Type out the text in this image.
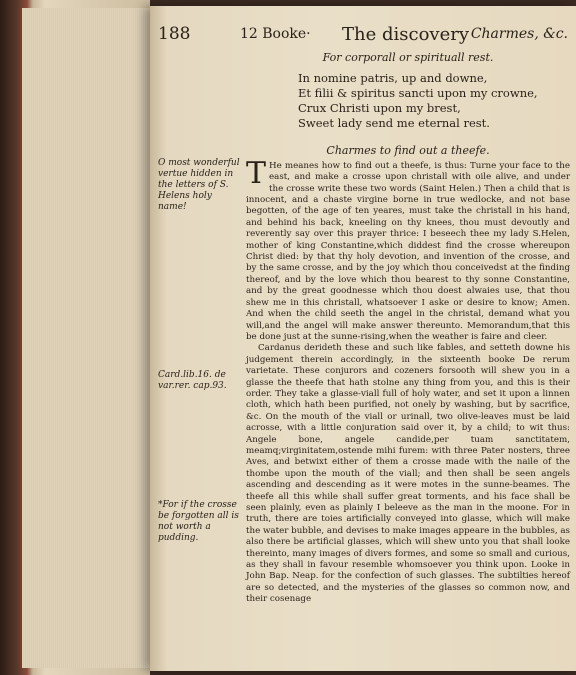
188	12 Booke· The discovery Charmes, &c.
O most wonderful vertue hidden in the letters of S. Helens holy name!
Card.lib.16. de var.rer. cap.93.
*For if the crosse be forgotten all is not worth a pudding.

For corporall or spirituall rest.

In nomine patris, up and downe,
Et filii & spiritus sancti upon my crowne,
Crux Christi upon my brest,
Sweet lady send me eternal rest.

Charmes to find out a theefe.

T He meanes how to find out a theefe, is thus: Turne your face to the east, and make a crosse upon christall with oile alive, and under the crosse write these two words (Saint Helen.) Then a child that is innocent, and a chaste virgine borne in true wedlocke, and not base begotten, of the age of ten yeares, must take the christall in his hand, and behind his back, kneeling on thy knees, thou must devoutly and reverently say over this prayer thrice: I beseech thee my lady S.Helen, mother of king Constantine,which diddest find the crosse whereupon Christ died: by that thy holy devotion, and invention of the crosse, and by the same crosse, and by the joy which thou conceivedst at the finding thereof, and by the love which thou bearest to thy sonne Constantine, and by the great goodnesse which thou doest alwaies use, that thou shew me in this christall, whatsoever I aske or desire to know; Amen. And when the child seeth the angel in the christal, demand what you will,and the angel will make answer thereunto. Memorandum,that this be done just at the sunne-rising,when the weather is faire and cleer.

Cardanus derideth these and such like fables, and setteth downe his judgement therein accordingly, in the sixteenth booke De rerum varietate. These conjurors and cozeners forsooth will shew you in a glasse the theefe that hath stolne any thing from you, and this is their order. They take a glasse-viall full of holy water, and set it upon a linnen cloth, which hath been purified, not onely by washing, but by sacrifice, &c. On the mouth of the viall or urinall, two olive-leaves must be laid acrosse, with a little conjuration said over it, by a child; to wit thus: Angele bone, angele candide,per tuam sanctitatem, meamq;virginitatem,ostende mihi furem: with three Pater nosters, three Aves, and betwixt either of them a crosse made with the naile of the thombe upon the mouth of the viall; and then shall be seen angels ascending and descending as it were motes in the sunne-beames. The theefe all this while shall suffer great torments, and his face shall be seen plainly, even as plainly I beleeve as the man in the moone. For in truth, there are toies artificially conveyed into glasse, which will make the water bubble, and devises to make images appeare in the bubbles, as also there be artificial glasses, which will shew unto you that shall looke thereinto, many images of divers formes, and some so small and curious, as they shall in favour resemble whomsoever you think upon. Looke in John Bap. Neap. for the confection of such glasses. The subtilties hereof are so detected, and the mysteries of the glasses so common now, and their cosenage
